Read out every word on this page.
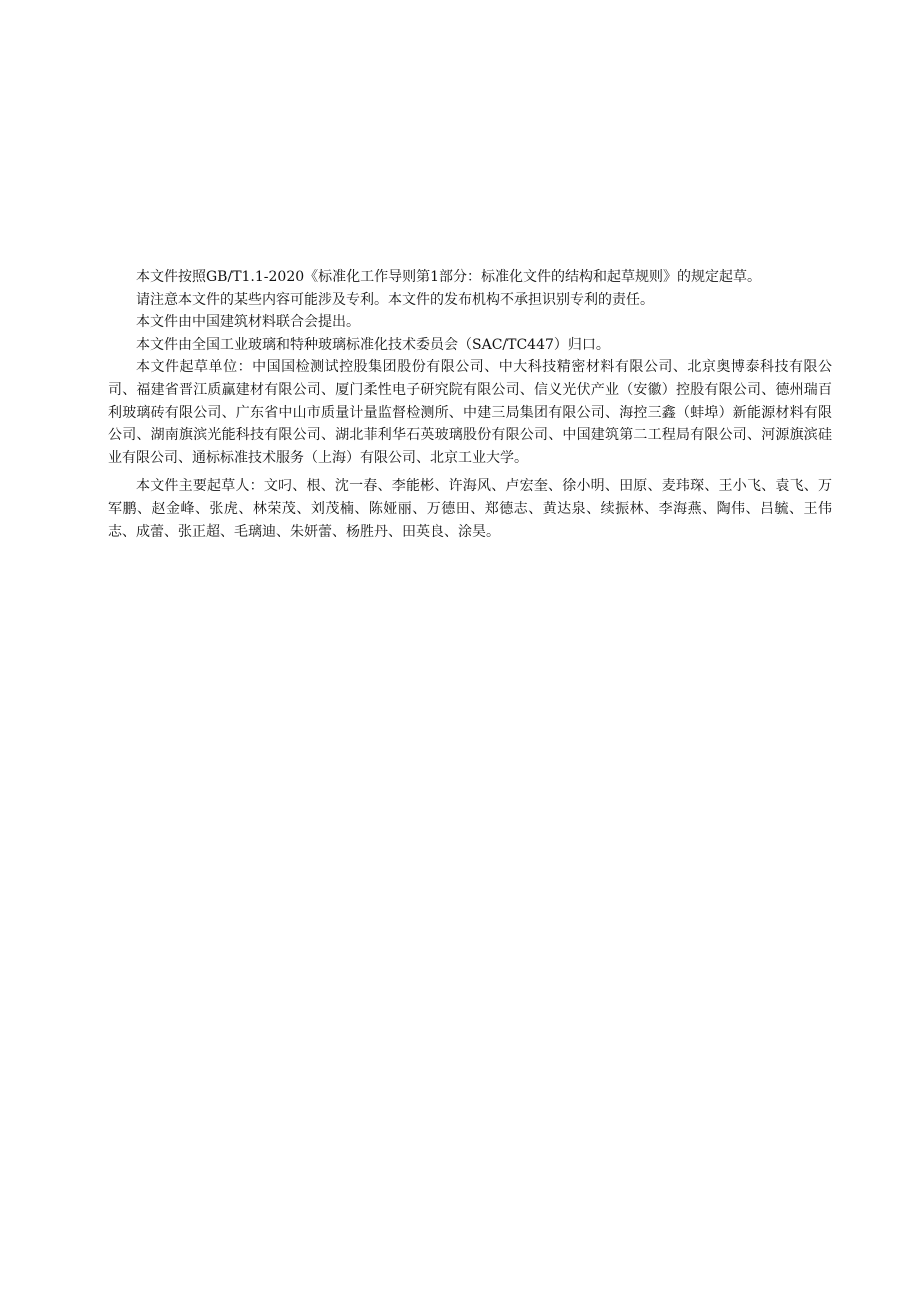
本文件按照GB/T1.1-2020《标准化工作导则第1部分：标准化文件的结构和起草规则》的规定起草。

请注意本文件的某些内容可能涉及专利。本文件的发布机构不承担识别专利的责任。

本文件由中国建筑材料联合会提出。

本文件由全国工业玻璃和特种玻璃标准化技术委员会（SAC/TC447）归口。

本文件起草单位：中国国检测试控股集团股份有限公司、中大科技精密材料有限公司、北京奥博泰科技有限公司、福建省晋江质赢建材有限公司、厦门柔性电子研究院有限公司、信义光伏产业（安徽）控股有限公司、德州瑞百利玻璃砖有限公司、广东省中山市质量计量监督检测所、中建三局集团有限公司、海控三鑫（蚌埠）新能源材料有限公司、湖南旗滨光能科技有限公司、湖北菲利华石英玻璃股份有限公司、中国建筑第二工程局有限公司、河源旗滨硅业有限公司、通标标准技术服务（上海）有限公司、北京工业大学。

本文件主要起草人：文叼、根、沈一春、李能彬、许海风、卢宏奎、徐小明、田原、麦玮琛、王小飞、袁飞、万军鹏、赵金峰、张虎、林荣茂、刘茂楠、陈娅丽、万德田、郑德志、黄达泉、续振林、李海燕、陶伟、吕毓、王伟志、成蕾、张正超、毛璃迪、朱妍蕾、杨胜丹、田英良、涂昊。
